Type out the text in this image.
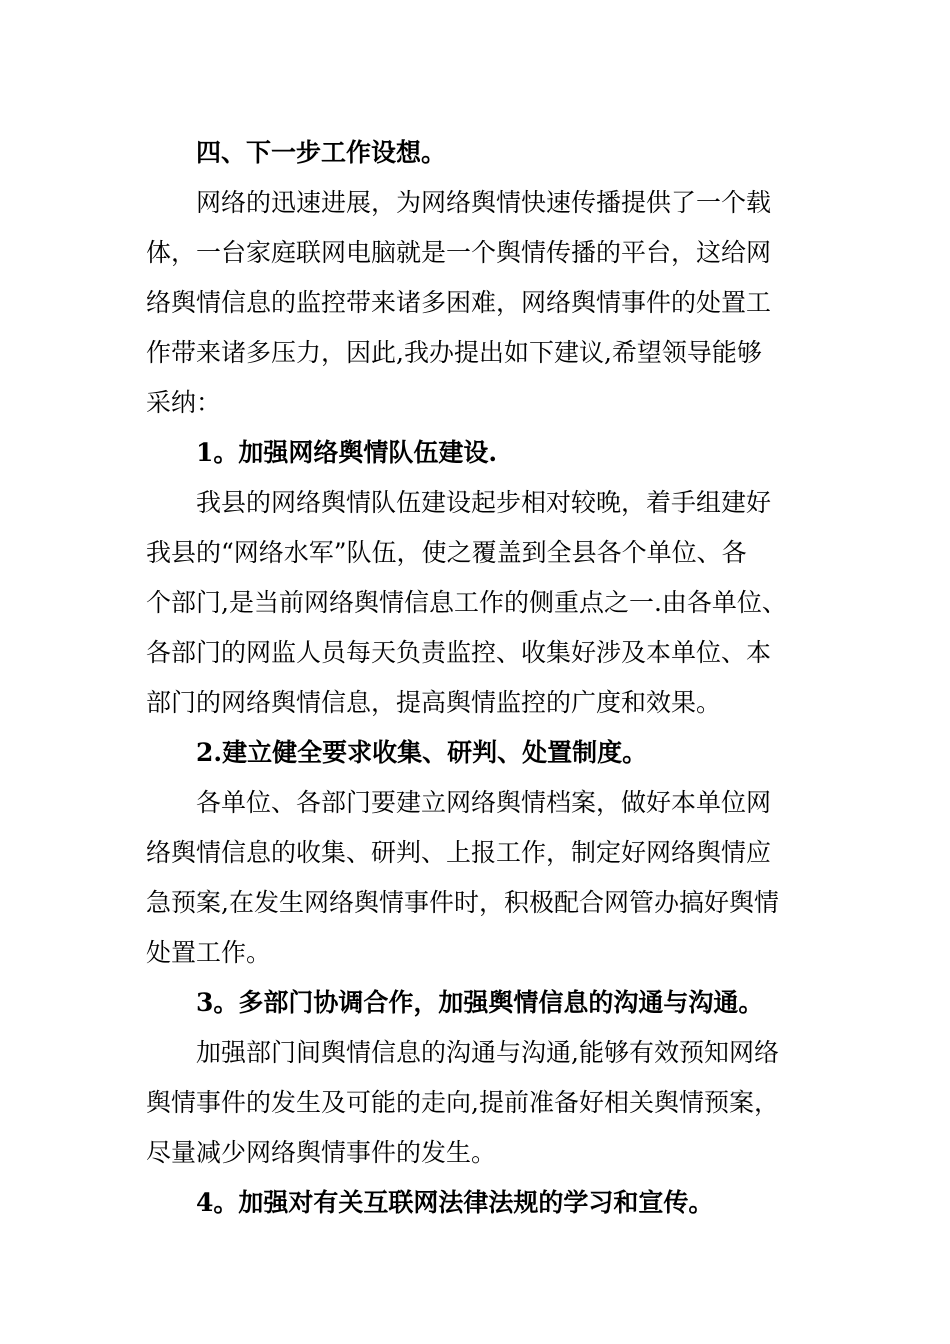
四、下一步工作设想。
网络的迅速进展，为网络舆情快速传播提供了一个载
体，一台家庭联网电脑就是一个舆情传播的平台，这给网
络舆情信息的监控带来诸多困难，网络舆情事件的处置工
作带来诸多压力，因此,我办提出如下建议,希望领导能够
采纳：
1。加强网络舆情队伍建设.
我县的网络舆情队伍建设起步相对较晚，着手组建好
我县的“网络水军”队伍，使之覆盖到全县各个单位、各
个部门,是当前网络舆情信息工作的侧重点之一.由各单位、
各部门的网监人员每天负责监控、收集好涉及本单位、本
部门的网络舆情信息，提高舆情监控的广度和效果。
2.建立健全要求收集、研判、处置制度。
各单位、各部门要建立网络舆情档案，做好本单位网
络舆情信息的收集、研判、上报工作，制定好网络舆情应
急预案,在发生网络舆情事件时，积极配合网管办搞好舆情
处置工作。
3。多部门协调合作，加强舆情信息的沟通与沟通。
加强部门间舆情信息的沟通与沟通,能够有效预知网络
舆情事件的发生及可能的走向,提前准备好相关舆情预案，
尽量减少网络舆情事件的发生。
4。加强对有关互联网法律法规的学习和宣传。
